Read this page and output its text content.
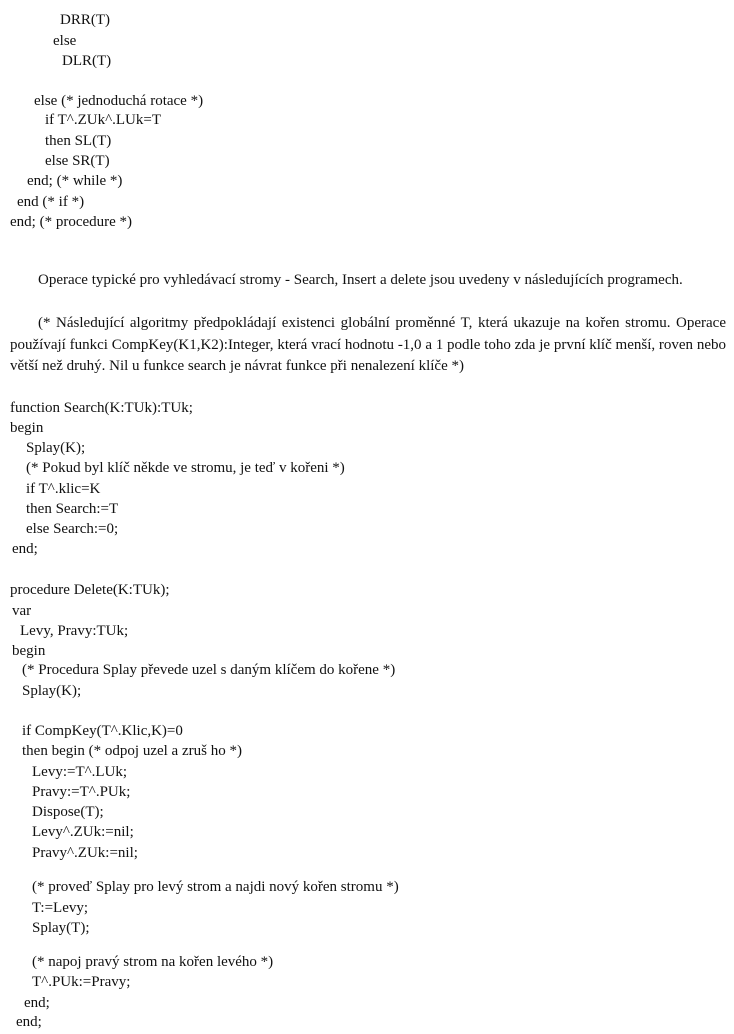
DRR(T)
else
DLR(T)
else (* jednoduchá rotace *)
if T^.ZUk^.LUk=T
then SL(T)
else SR(T)
end; (* while *)
end (* if *)
end; (* procedure *)
Operace typické pro vyhledávací stromy - Search, Insert a delete jsou uvedeny v následujících programech.
(* Následující algoritmy předpokládají existenci globální proměnné T, která ukazuje na kořen stromu. Operace používají funkci CompKey(K1,K2):Integer, která vrací hodnotu -1,0 a 1 podle toho zda je první klíč menší, roven nebo větší než druhý. Nil u funkce search je návrat funkce při nenalezení klíče *)
function Search(K:TUk):TUk;
begin
Splay(K);
(* Pokud byl klíč někde ve stromu, je teď v kořeni *)
if T^.klic=K
then Search:=T
else Search:=0;
end;
procedure Delete(K:TUk);
var
Levy, Pravy:TUk;
begin
(* Procedura Splay převede uzel s daným klíčem do kořene *)
Splay(K);
if CompKey(T^.Klic,K)=0
then begin (* odpoj uzel a zruš ho *)
Levy:=T^.LUk;
Pravy:=T^.PUk;
Dispose(T);
Levy^.ZUk:=nil;
Pravy^.ZUk:=nil;
(* proveď Splay pro levý strom a najdi nový kořen stromu *)
T:=Levy;
Splay(T);
(* napoj pravý strom na kořen levého *)
T^.PUk:=Pravy;
end;
end;
